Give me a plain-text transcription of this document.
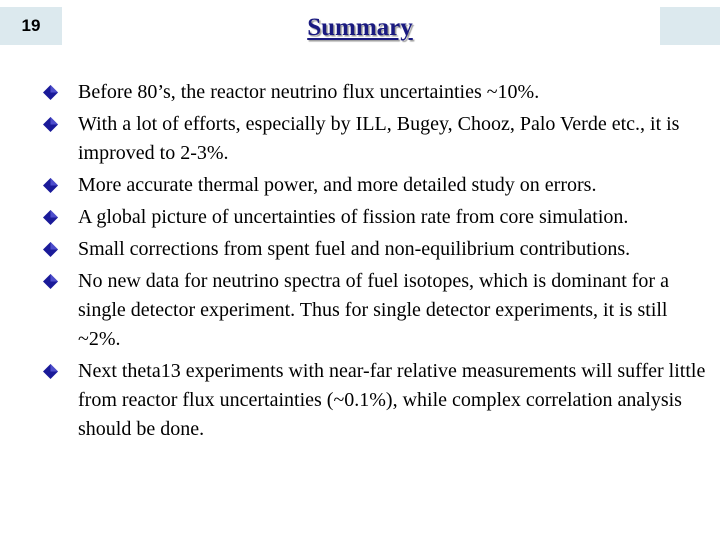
19	Summary
Before 80’s, the reactor neutrino flux uncertainties ~10%.
With a lot of efforts, especially by ILL, Bugey, Chooz, Palo Verde etc., it is improved to 2-3%.
More accurate thermal power, and more detailed study on errors.
A global picture of uncertainties of fission rate from core simulation.
Small corrections from spent fuel and non-equilibrium contributions.
No new data for neutrino spectra of fuel isotopes, which is dominant for a single detector experiment. Thus for single detector experiments, it is still ~2%.
Next theta13 experiments with near-far relative measurements will suffer little from reactor flux uncertainties (~0.1%), while complex correlation analysis should be done.
